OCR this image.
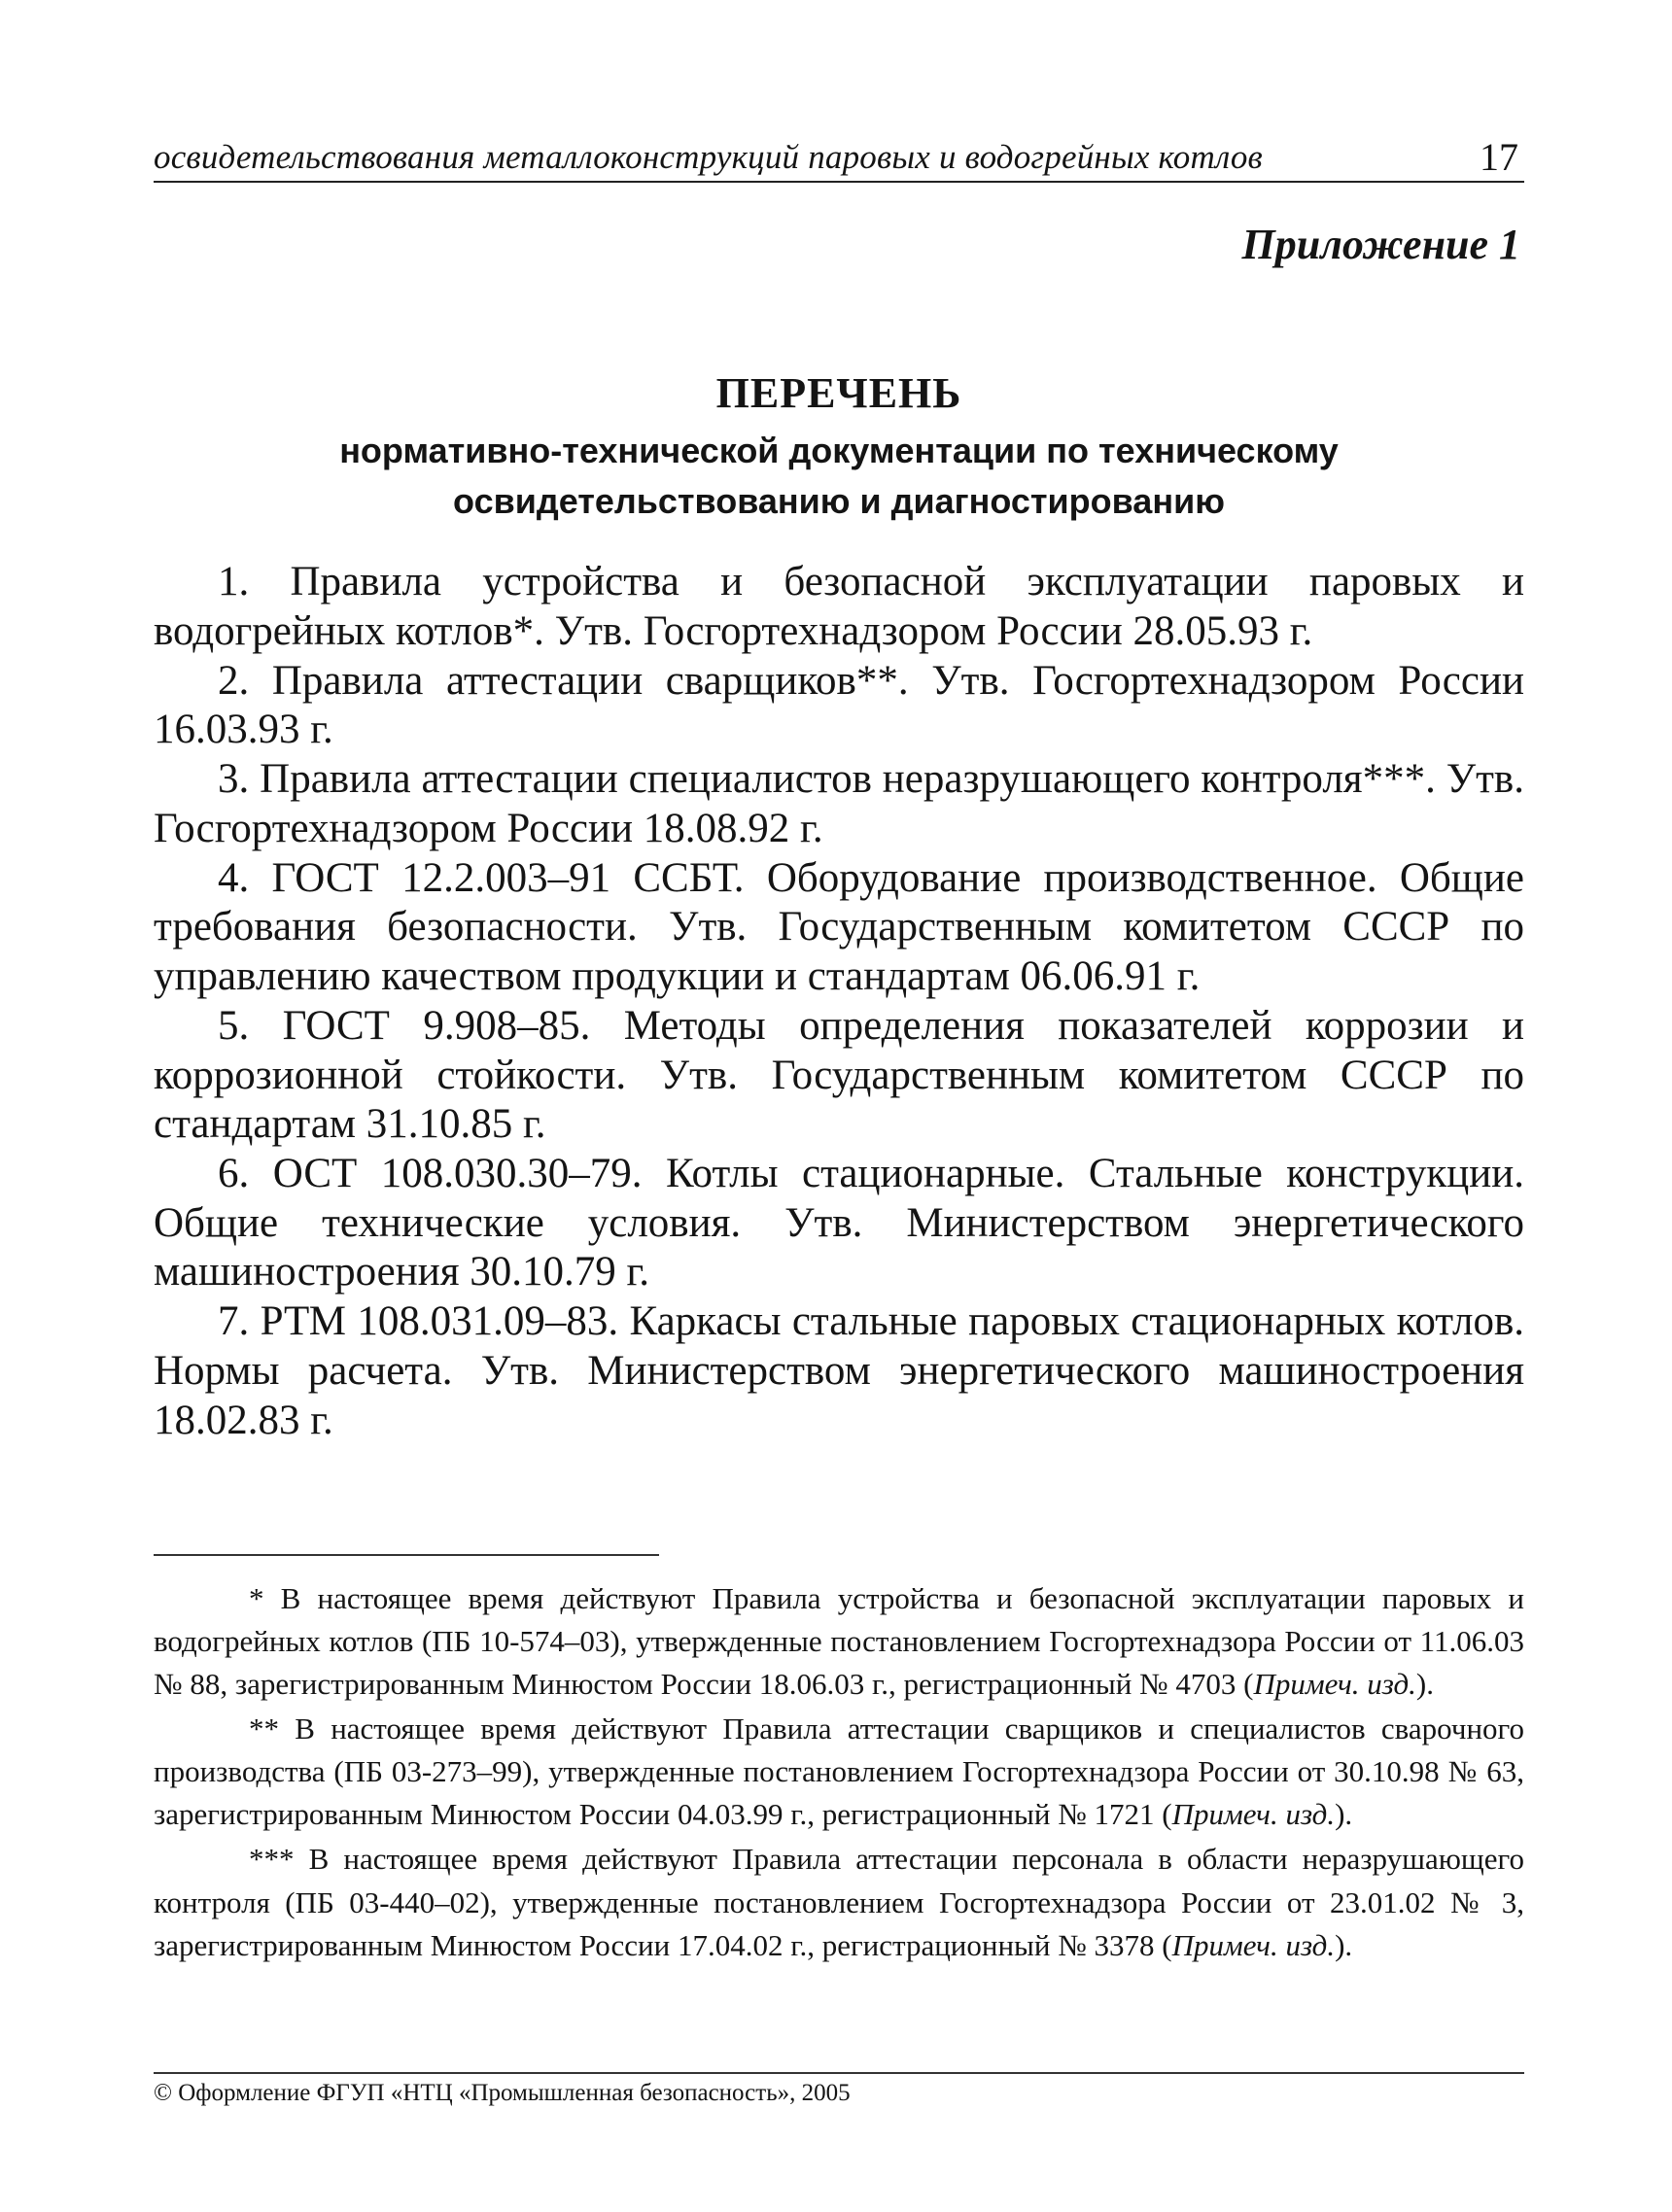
освидетельствования металлоконструкций паровых и водогрейных котлов	17
Приложение 1
ПЕРЕЧЕНЬ
нормативно-технической документации по техническому
освидетельствованию и диагностированию

1. Правила устройства и безопасной эксплуатации паровых и водогрейных котлов*. Утв. Госгортехнадзором России 28.05.93 г.

2. Правила аттестации сварщиков**. Утв. Госгортехнадзором России 16.03.93 г.

3. Правила аттестации специалистов неразрушающего контроля***. Утв. Госгортехнадзором России 18.08.92 г.

4. ГОСТ 12.2.003–91 ССБТ. Оборудование производственное. Общие требования безопасности. Утв. Государственным комитетом СССР по управлению качеством продукции и стандартам 06.06.91 г.

5. ГОСТ 9.908–85. Методы определения показателей коррозии и коррозионной стойкости. Утв. Государственным комитетом СССР по стандартам 31.10.85 г.

6. ОСТ 108.030.30–79. Котлы стационарные. Стальные конструкции. Общие технические условия. Утв. Министерством энергетического машиностроения 30.10.79 г.

7. РТМ 108.031.09–83. Каркасы стальные паровых стационарных котлов. Нормы расчета. Утв. Министерством энергетического машиностроения 18.02.83 г.

* В настоящее время действуют Правила устройства и безопасной эксплуатации паровых и водогрейных котлов (ПБ 10-574–03), утвержденные постановлением Госгортехнадзора России от 11.06.03 № 88, зарегистрированным Минюстом России 18.06.03 г., регистрационный № 4703 (Примеч. изд.).

** В настоящее время действуют Правила аттестации сварщиков и специалистов сварочного производства (ПБ 03-273–99), утвержденные постановлением Госгортехнадзора России от 30.10.98 № 63, зарегистрированным Минюстом России 04.03.99 г., регистрационный № 1721 (Примеч. изд.).

*** В настоящее время действуют Правила аттестации персонала в области неразрушающего контроля (ПБ 03-440–02), утвержденные постановлением Госгортехнадзора России от 23.01.02 № 3, зарегистрированным Минюстом России 17.04.02 г., регистрационный № 3378 (Примеч. изд.).

© Оформление ФГУП «НТЦ «Промышленная безопасность», 2005
